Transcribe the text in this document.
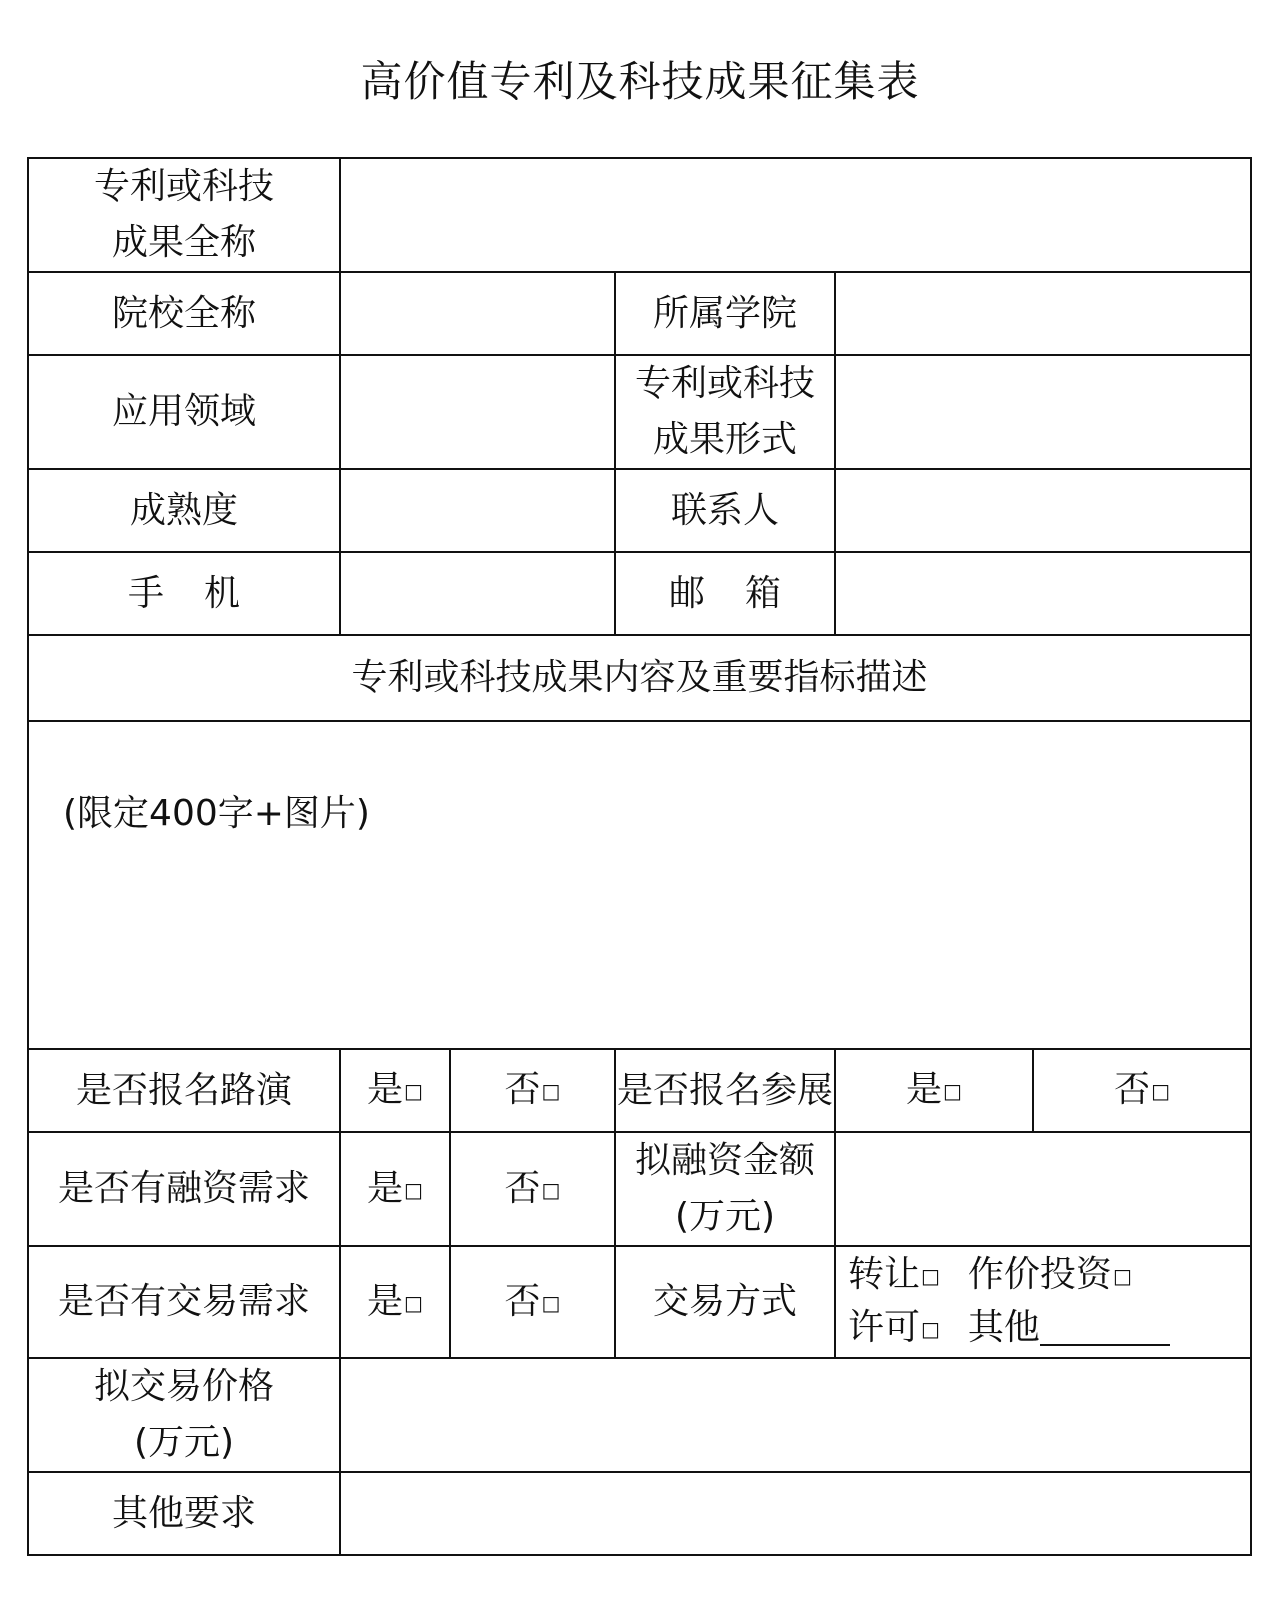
高价值专利及科技成果征集表
专利或科技
成果全称					

院校全称			所属学院		
应用领域			专利或科技
成果形式		

成熟度			联系人		
手 机			邮 箱		
专利或科技成果内容及重要指标描述					
(限定400字+图片)					
是否报名路演	是□	否□	是否报名参展	是□	否□
是否有融资需求	是□	否□	拟融资金额
(万元)		

是否有交易需求	是□	否□	交易方式	转让□ 作价投资□
许可□ 其他	

拟交易价格
(万元)					

其他要求					
